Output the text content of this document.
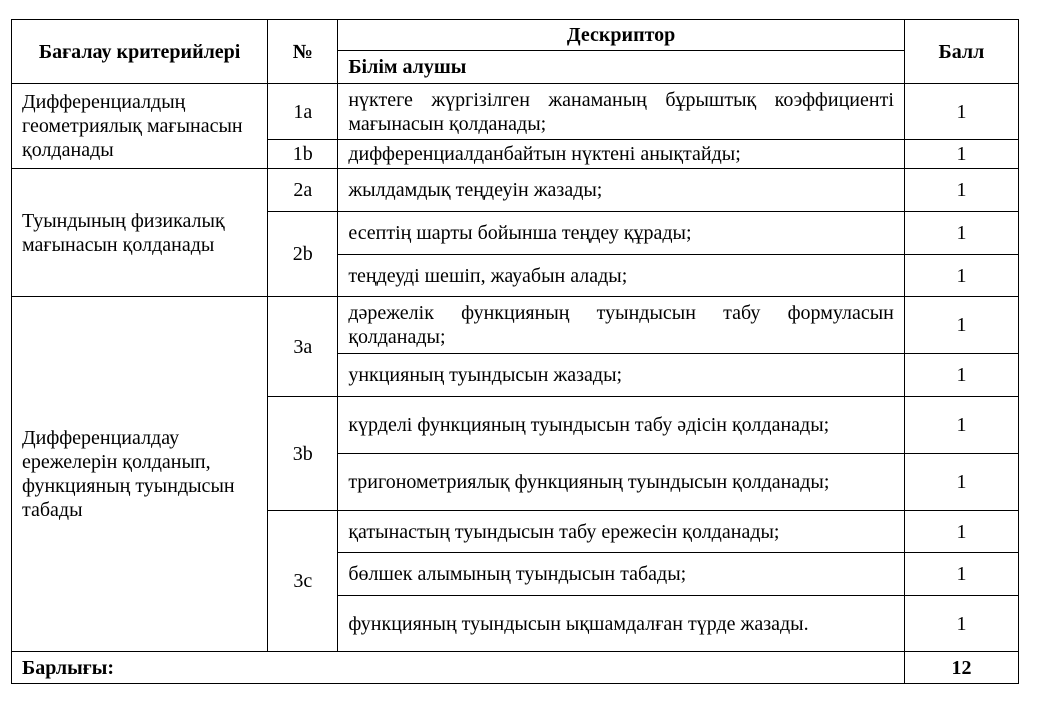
Бағалау критерийлері	№	Дескриптор	Балл
		Білім алушы	
Дифференциалдың геометриялық мағынасын қолданады	1a	нүктеге жүргізілген жанаманың бұрыштық коэффициенті мағынасын қолданады;	1
	1b	дифференциалданбайтын нүктені анықтайды;	1
Туындының физикалық мағынасын қолданады	2a	жылдамдық теңдеуін жазады;	1
	2b	есептің шарты бойынша теңдеу құрады;	1
		теңдеуді шешіп, жауабын алады;	1
Дифференциалдау ережелерін қолданып, функцияның туындысын табады	3a	дәрежелік функцияның туындысын табу формуласын қолданады;	1
		ункцияның туындысын жазады;	1
	3b	күрделі функцияның туындысын табу әдісін қолданады;	1
		тригонометриялық функцияның туындысын қолданады;	1
	3c	қатынастың туындысын табу ережесін қолданады;	1
		бөлшек алымының туындысын табады;	1
		функцияның туындысын ықшамдалған түрде жазады.	1
Барлығы:			12
